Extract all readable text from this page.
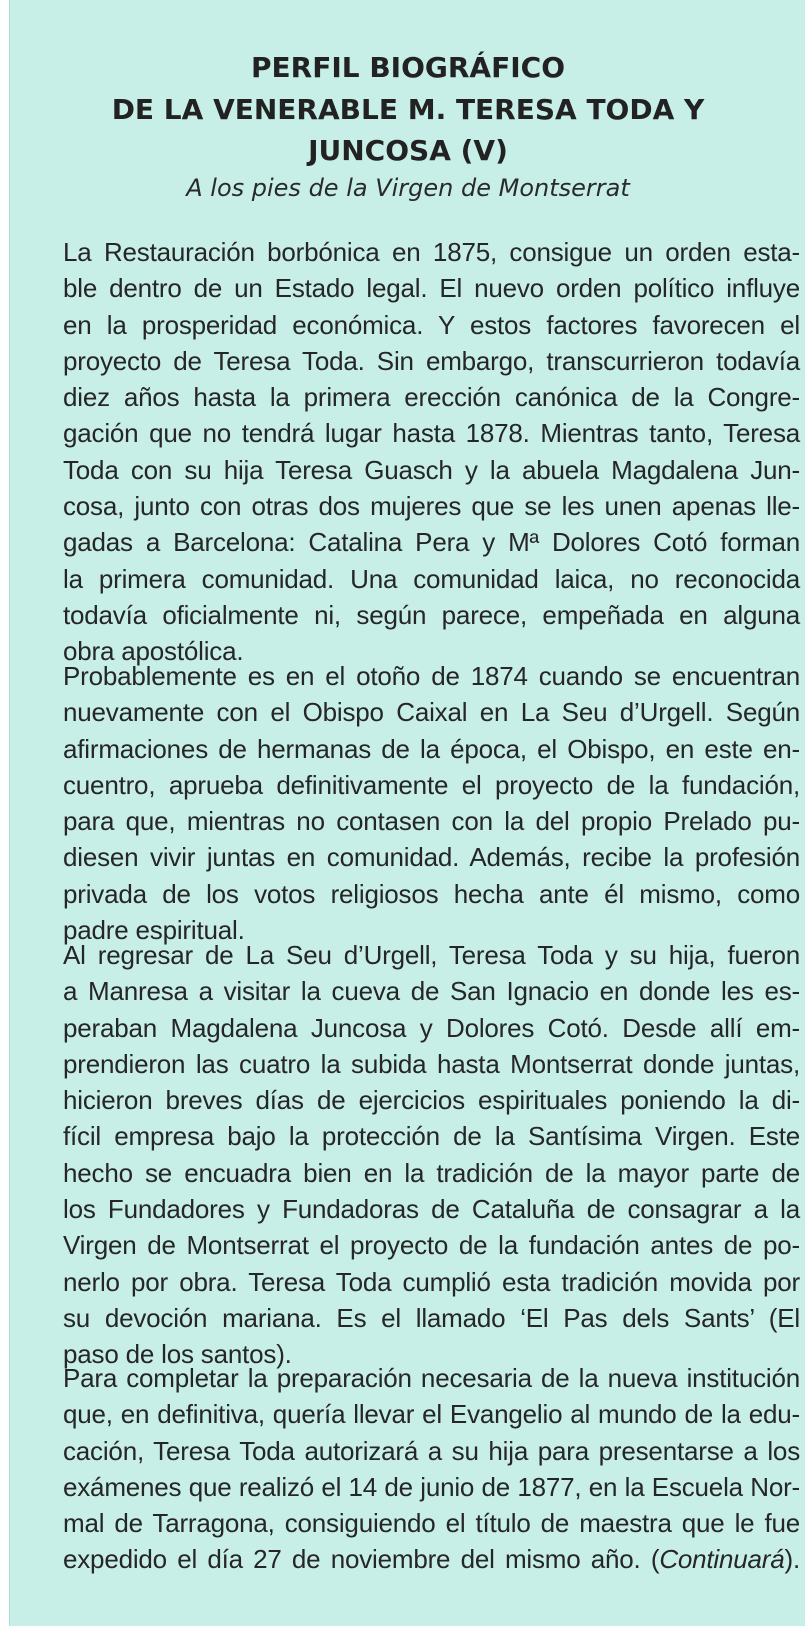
PERFIL BIOGRÁFICO
DE LA VENERABLE M. TERESA TODA Y
JUNCOSA (V)
A los pies de la Virgen de Montserrat
La Restauración borbónica en 1875, consigue un orden esta-
ble dentro de un Estado legal. El nuevo orden político influye
en la prosperidad económica. Y estos factores favorecen el
proyecto de Teresa Toda. Sin embargo, transcurrieron todavía
diez años hasta la primera erección canónica de la Congre-
gación que no tendrá lugar hasta 1878. Mientras tanto, Teresa
Toda con su hija Teresa Guasch y la abuela Magdalena Jun-
cosa, junto con otras dos mujeres que se les unen apenas lle-
gadas a Barcelona: Catalina Pera y Mª Dolores Cotó forman
la primera comunidad. Una comunidad laica, no reconocida
todavía oficialmente ni, según parece, empeñada en alguna
obra apostólica.
Probablemente es en el otoño de 1874 cuando se encuentran
nuevamente con el Obispo Caixal en La Seu d’Urgell. Según
afirmaciones de hermanas de la época, el Obispo, en este en-
cuentro, aprueba definitivamente el proyecto de la fundación,
para que, mientras no contasen con la del propio Prelado pu-
diesen vivir juntas en comunidad. Además, recibe la profesión
privada de los votos religiosos hecha ante él mismo, como
padre espiritual.
Al regresar de La Seu d’Urgell, Teresa Toda y su hija, fueron
a Manresa a visitar la cueva de San Ignacio en donde les es-
peraban Magdalena Juncosa y Dolores Cotó. Desde allí em-
prendieron las cuatro la subida hasta Montserrat donde juntas,
hicieron breves días de ejercicios espirituales poniendo la di-
fícil empresa bajo la protección de la Santísima Virgen. Este
hecho se encuadra bien en la tradición de la mayor parte de
los Fundadores y Fundadoras de Cataluña de consagrar a la
Virgen de Montserrat el proyecto de la fundación antes de po-
nerlo por obra. Teresa Toda cumplió esta tradición movida por
su devoción mariana. Es el llamado ‘El Pas dels Sants’ (El
paso de los santos).
Para completar la preparación necesaria de la nueva institución
que, en definitiva, quería llevar el Evangelio al mundo de la edu-
cación, Teresa Toda autorizará a su hija para presentarse a los
exámenes que realizó el 14 de junio de 1877, en la Escuela Nor-
mal de Tarragona, consiguiendo el título de maestra que le fue
expedido el día 27 de noviembre del mismo año. (Continuará).
